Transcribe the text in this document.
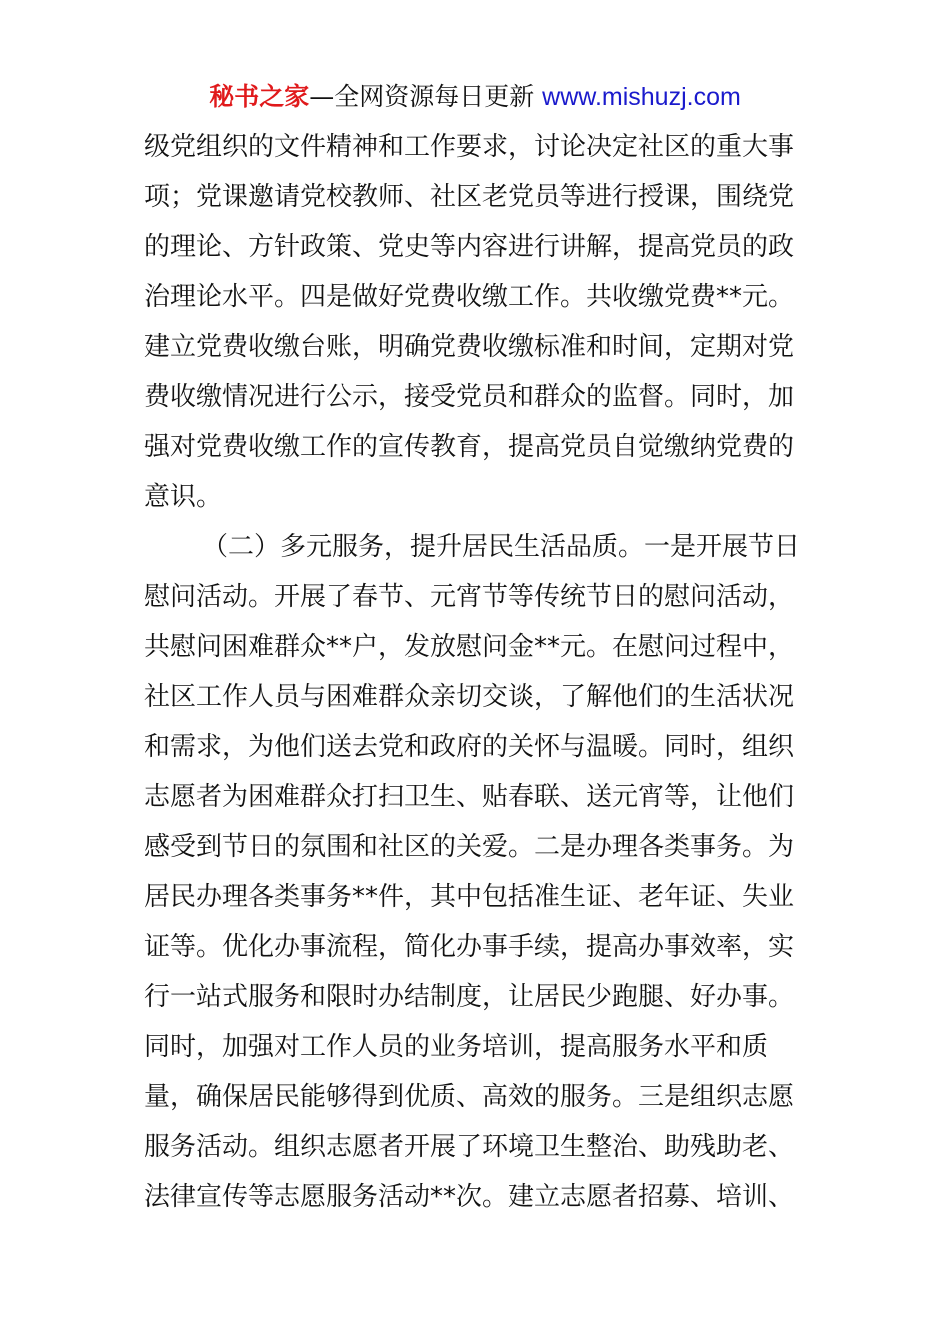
秘书之家—全网资源每日更新 www.mishuzj.com
级党组织的文件精神和工作要求，讨论决定社区的重大事
项；党课邀请党校教师、社区老党员等进行授课，围绕党
的理论、方针政策、党史等内容进行讲解，提高党员的政
治理论水平。四是做好党费收缴工作。共收缴党费**元。
建立党费收缴台账，明确党费收缴标准和时间，定期对党
费收缴情况进行公示，接受党员和群众的监督。同时，加
强对党费收缴工作的宣传教育，提高党员自觉缴纳党费的
意识。
（二）多元服务，提升居民生活品质。一是开展节日
慰问活动。开展了春节、元宵节等传统节日的慰问活动，
共慰问困难群众**户，发放慰问金**元。在慰问过程中，
社区工作人员与困难群众亲切交谈，了解他们的生活状况
和需求，为他们送去党和政府的关怀与温暖。同时，组织
志愿者为困难群众打扫卫生、贴春联、送元宵等，让他们
感受到节日的氛围和社区的关爱。二是办理各类事务。为
居民办理各类事务**件，其中包括准生证、老年证、失业
证等。优化办事流程，简化办事手续，提高办事效率，实
行一站式服务和限时办结制度，让居民少跑腿、好办事。
同时，加强对工作人员的业务培训，提高服务水平和质
量，确保居民能够得到优质、高效的服务。三是组织志愿
服务活动。组织志愿者开展了环境卫生整治、助残助老、
法律宣传等志愿服务活动**次。建立志愿者招募、培训、
